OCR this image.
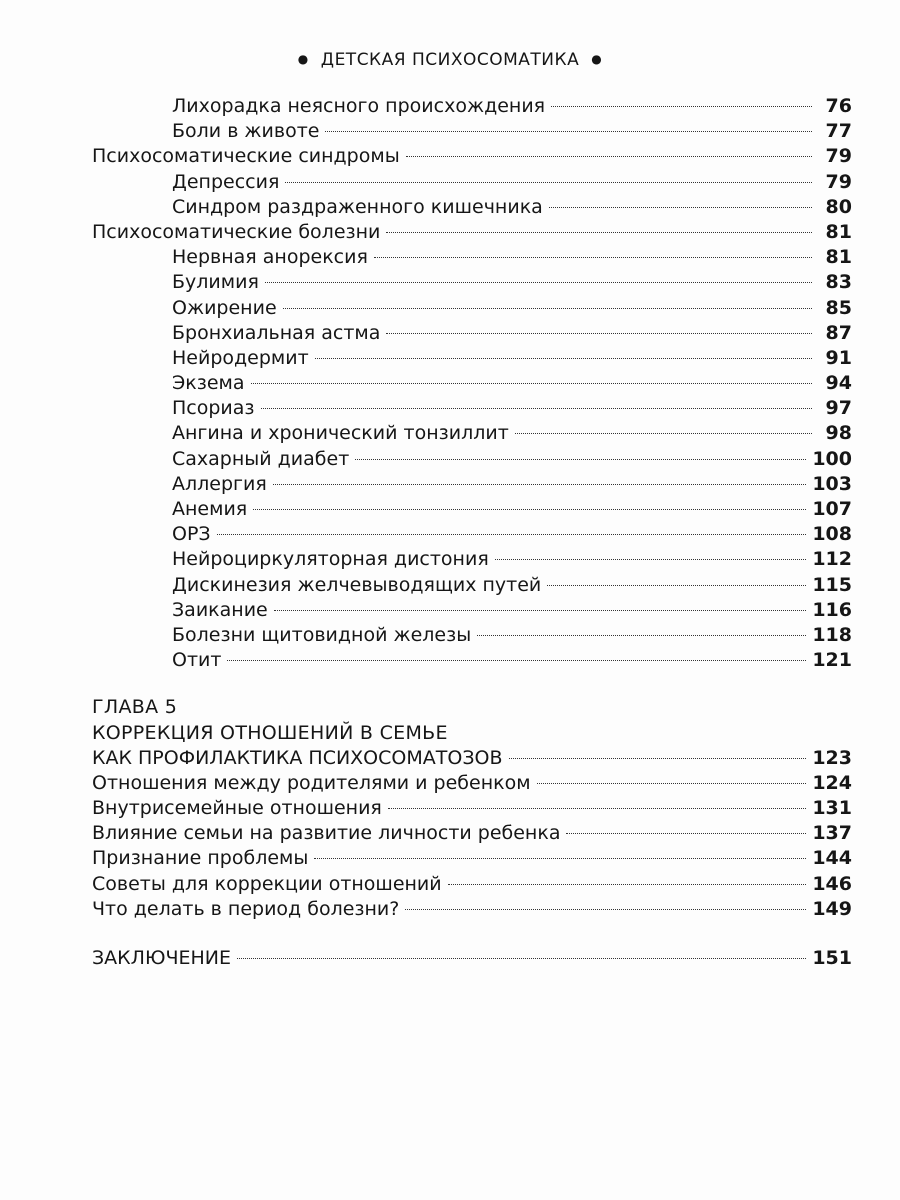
● ДЕТСКАЯ ПСИХОСОМАТИКА ●
Лихорадка неясного происхождения	76
Боли в животе	77
Психосоматические синдромы	79
Депрессия	79
Синдром раздраженного кишечника	80
Психосоматические болезни	81
Нервная анорексия	81
Булимия	83
Ожирение	85
Бронхиальная астма	87
Нейродермит	91
Экзема	94
Псориаз	97
Ангина и хронический тонзиллит	98
Сахарный диабет	100
Аллергия	103
Анемия	107
ОРЗ	108
Нейроциркуляторная дистония	112
Дискинезия желчевыводящих путей	115
Заикание	116
Болезни щитовидной железы	118
Отит	121
ГЛАВА 5
КОРРЕКЦИЯ ОТНОШЕНИЙ В СЕМЬЕ
КАК ПРОФИЛАКТИКА ПСИХОСОМАТОЗОВ	123
Отношения между родителями и ребенком	124
Внутрисемейные отношения	131
Влияние семьи на развитие личности ребенка	137
Признание проблемы	144
Советы для коррекции отношений	146
Что делать в период болезни?	149
ЗАКЛЮЧЕНИЕ	151
